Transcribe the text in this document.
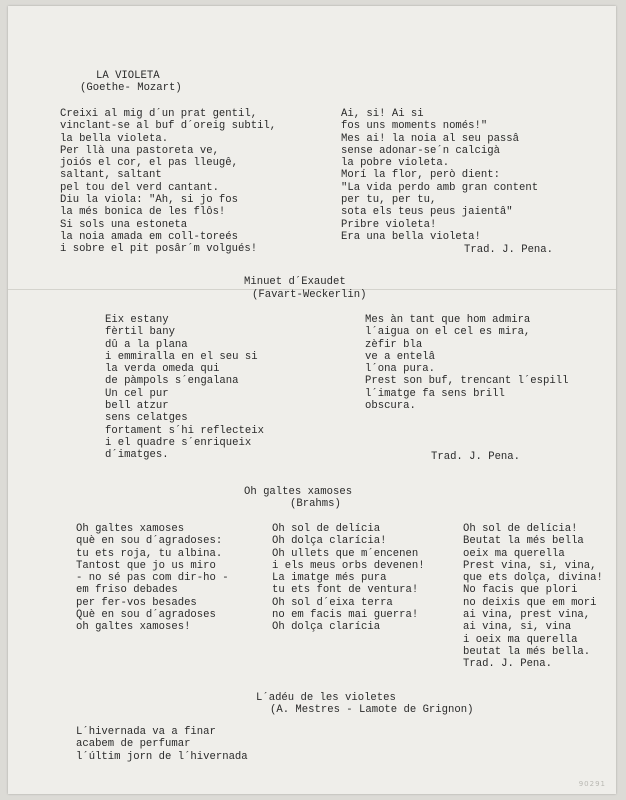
LA VIOLETA
(Goethe- Mozart)
Creixi al mig d´un prat gentil,
vinclant-se al buf d´oreig subtil,
la bella violeta.
Per llà una pastoreta ve,
joiós el cor, el pas lleugê,
saltant, saltant
pel tou del verd cantant.
Diu la viola: "Ah, si jo fos
la més bonica de les flôs!
Si sols una estoneta
la noia amada em coll-toreés
i sobre el pit posâr´m volgués!
Ai, si! Ai si
fos uns moments només!"
Mes ai! la noia al seu passâ
sense adonar-se´n calcigà
la pobre violeta.
Morí la flor, però dient:
"La vida perdo amb gran content
per tu, per tu,
sota els teus peus jaientâ"
Pribre violeta!
Era una bella violeta!
Trad. J. Pena.
Minuet d´Exaudet
(Favart-Weckerlin)
Eix estany
fèrtil bany
dû a la plana
i emmiralla en el seu si
la verda omeda qui
de pàmpols s´engalana
Un cel pur
bell atzur
sens celatges
fortament s´hi reflecteix
i el quadre s´enriqueix
d´imatges.
Mes àn tant que hom admira
l´aigua on el cel es mira,
zèfir bla
ve a entelâ
l´ona pura.
Prest son buf, trencant l´espill
l´imatge fa sens brill
obscura.
Trad. J. Pena.
Oh galtes xamoses
(Brahms)
Oh galtes xamoses
què en sou d´agradoses:
tu ets roja, tu albina.
Tantost que jo us miro
- no sé pas com dir-ho -
em friso debades
per fer-vos besades
Què en sou d´agradoses
oh galtes xamoses!
Oh sol de delícia
Oh dolça clarícia!
Oh ullets que m´encenen
i els meus orbs devenen!
La imatge més pura
tu ets font de ventura!
Oh sol d´eixa terra
no em facis mai guerra!
Oh dolça clarícia
Oh sol de delícia!
Beutat la més bella
oeix ma querella
Prest vina, si, vina,
que ets dolça, divina!
No facis que plori
no deixis que em mori
ai vina, prest vina,
ai vina, si, vina
i oeix ma querella
beutat la més bella.
Trad. J. Pena.
L´adéu de les violetes
(A. Mestres - Lamote de Grignon)
L´hivernada va a finar
acabem de perfumar
l´últim jorn de l´hivernada
90291
